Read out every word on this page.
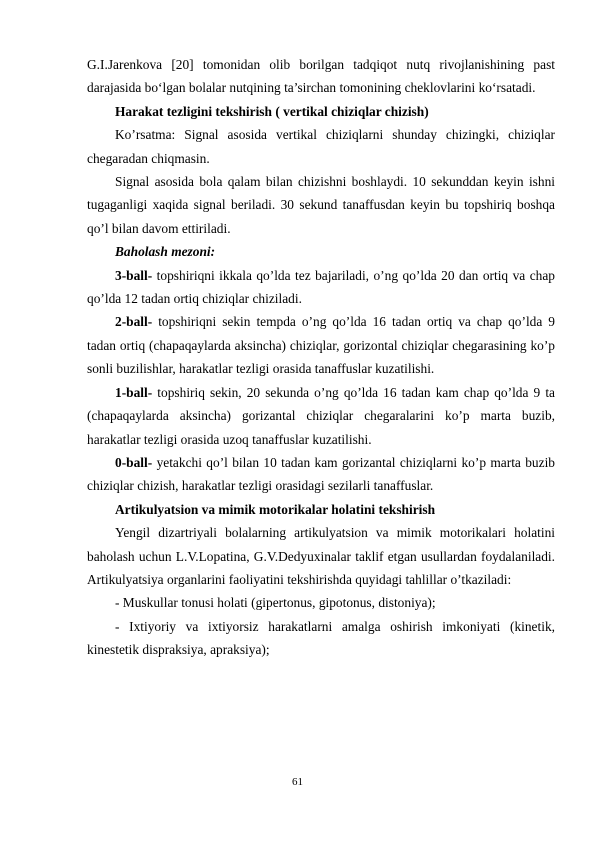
G.I.Jarenkova [20] tomonidan olib borilgan tadqiqot nutq rivojlanishining past darajasida bo‘lgan bolalar nutqining ta’sirchan tomonining cheklovlarini ko‘rsatadi.

Harakat tezligini tekshirish ( vertikal chiziqlar chizish)

Ko’rsatma: Signal asosida vertikal chiziqlarni shunday chizingki, chiziqlar chegaradan chiqmasin.

Signal asosida bola qalam bilan chizishni boshlaydi. 10 sekunddan keyin ishni tugaganligi xaqida signal beriladi. 30 sekund tanaffusdan keyin bu topshiriq boshqa qo’l bilan davom ettiriladi.

Baholash mezoni:

3-ball- topshiriqni ikkala qo’lda tez bajariladi, o’ng qo’lda 20 dan ortiq va chap qo’lda 12 tadan ortiq chiziqlar chiziladi.

2-ball- topshiriqni sekin tempda o’ng qo’lda 16 tadan ortiq va chap qo’lda 9 tadan ortiq (chapaqaylarda aksincha) chiziqlar, gorizontal chiziqlar chegarasining ko’p sonli buzilishlar, harakatlar tezligi orasida tanaffuslar kuzatilishi.

1-ball- topshiriq sekin, 20 sekunda o’ng qo’lda 16 tadan kam chap qo’lda 9 ta (chapaqaylarda aksincha) gorizantal chiziqlar chegaralarini ko’p marta buzib, harakatlar tezligi orasida uzoq tanaffuslar kuzatilishi.

0-ball- yetakchi qo’l bilan 10 tadan kam gorizantal chiziqlarni ko’p marta buzib chiziqlar chizish, harakatlar tezligi orasidagi sezilarli tanaffuslar.

Artikulyatsion va mimik motorikalar holatini tekshirish

Yengil dizartriyali bolalarning artikulyatsion va mimik motorikalari holatini baholash uchun L.V.Lopatina, G.V.Dedyuxinalar taklif etgan usullardan foydalaniladi. Artikulyatsiya organlarini faoliyatini tekshirishda quyidagi tahlillar o’tkaziladi:

- Muskullar tonusi holati (gipertonus, gipotonus, distoniya);

- Ixtiyoriy va ixtiyorsiz harakatlarni amalga oshirish imkoniyati (kinetik, kinestetik dispraksiya, apraksiya);

61
